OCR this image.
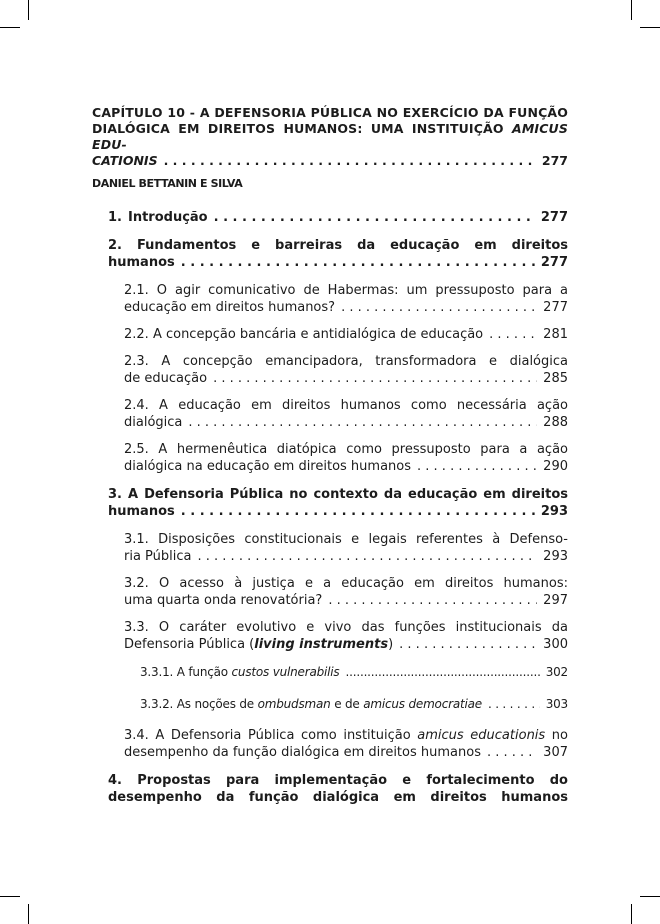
CAPÍTULO 10 - A DEFENSORIA PÚBLICA NO EXERCÍCIO DA FUNÇÃO
DIALÓGICA EM DIREITOS HUMANOS: UMA INSTITUIÇÃO AMICUS EDU-
CATIONIS . . .	277
DANIEL BETTANIN E SILVA
1. Introdução . . .	277
2. Fundamentos e barreiras da educação em direitos
humanos . . .	277
2.1. O agir comunicativo de Habermas: um pressuposto para a
educação em direitos humanos? . . .	277
2.2. A concepção bancária e antidialógica de educação . . .	281
2.3. A concepção emancipadora, transformadora e dialógica
de educação . . .	285
2.4. A educação em direitos humanos como necessária ação
dialógica . . .	288
2.5. A hermenêutica diatópica como pressuposto para a ação
dialógica na educação em direitos humanos . . .	290
3. A Defensoria Pública no contexto da educação em direitos
humanos . . .	293
3.1. Disposições constitucionais e legais referentes à Defenso-
ria Pública . . .	293
3.2. O acesso à justiça e a educação em direitos humanos:
uma quarta onda renovatória? . . .	297
3.3. O caráter evolutivo e vivo das funções institucionais da
Defensoria Pública (living instruments) . . .	300
3.3.1. A função custos vulnerabilis .....	302
3.3.2. As noções de ombudsman e de amicus democratiae . . .	303
3.4. A Defensoria Pública como instituição amicus educationis no
desempenho da função dialógica em direitos humanos . . .	307
4. Propostas para implementação e fortalecimento do
desempenho da função dialógica em direitos humanos
